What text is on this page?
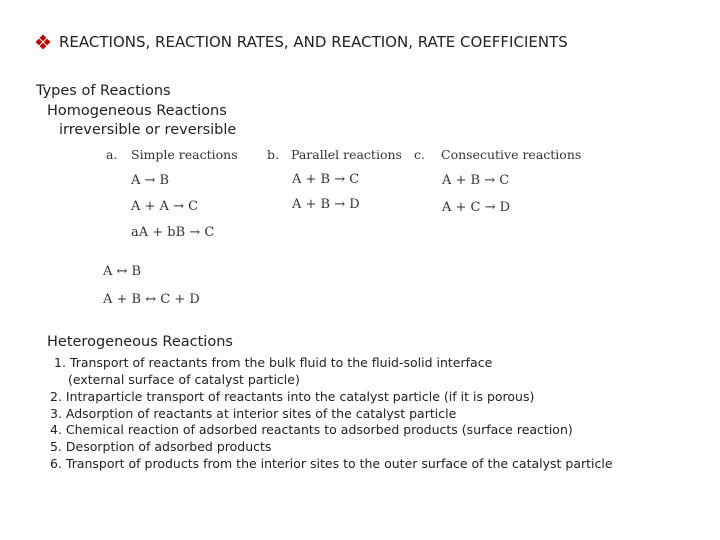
REACTIONS, REACTION RATES, AND REACTION, RATE COEFFICIENTS
Types of Reactions
Homogeneous Reactions
irreversible or reversible
a. Simple reactions
A → B
A + A → C
aA + bB → C
b. Parallel reactions
A + B → C
A + B → D
c. Consecutive reactions
A + B → C
A + C → D
A ↔ B
A + B ↔ C + D
Heterogeneous Reactions
1. Transport of reactants from the bulk fluid to the fluid-solid interface
(external surface of catalyst particle)
2. Intraparticle transport of reactants into the catalyst particle (if it is porous)
3. Adsorption of reactants at interior sites of the catalyst particle
4. Chemical reaction of adsorbed reactants to adsorbed products (surface reaction)
5. Desorption of adsorbed products
6. Transport of products from the interior sites to the outer surface of the catalyst particle
